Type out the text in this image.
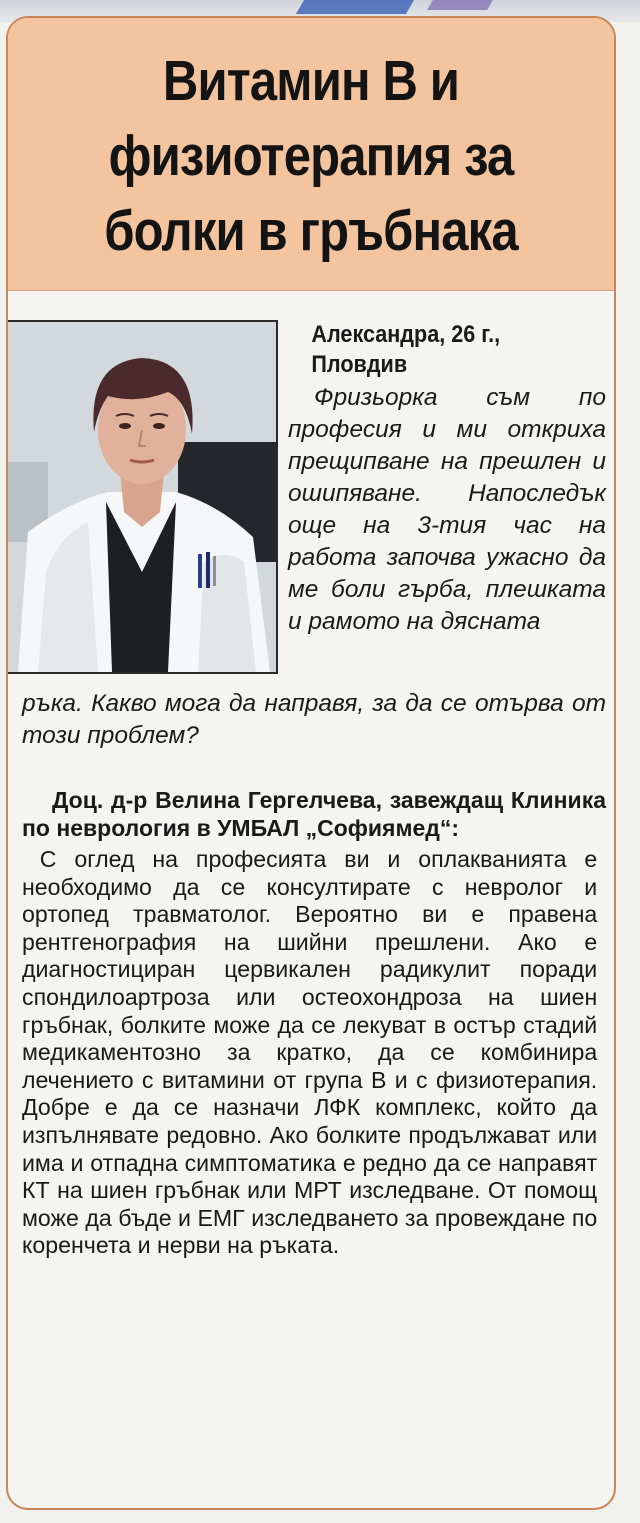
Витамин В и физиотерапия за болки в гръбнака
Александра, 26 г., Пловдив
Фризьорка съм по професия и ми откриха прещипване на прешлен и ошипяване. Напоследък още на 3-тия час на работа започва ужасно да ме боли гърба, плешката и рамото на дясната
ръка. Какво мога да направя, за да се отърва от този проблем?
Доц. д-р Велина Гергелчева, завеждащ Клиника по неврология в УМБАЛ „Софиямед“:
С оглед на професията ви и оплакванията е необходимо да се консултирате с невролог и ортопед травматолог. Вероятно ви е правена рентгенография на шийни прешлени. Ако е диагностициран цервикален радикулит поради спондилоартроза или остеохондроза на шиен гръбнак, болките може да се лекуват в остър стадий медикаментозно за кратко, да се комбинира лечението с витамини от група В и с физиотерапия. Добре е да се назначи ЛФК комплекс, който да изпълнявате редовно. Ако болките продължават или има и отпадна симптоматика е редно да се направят КТ на шиен гръбнак или МРТ изследване. От помощ може да бъде и ЕМГ изследването за провеждане по коренчета и нерви на ръката.
